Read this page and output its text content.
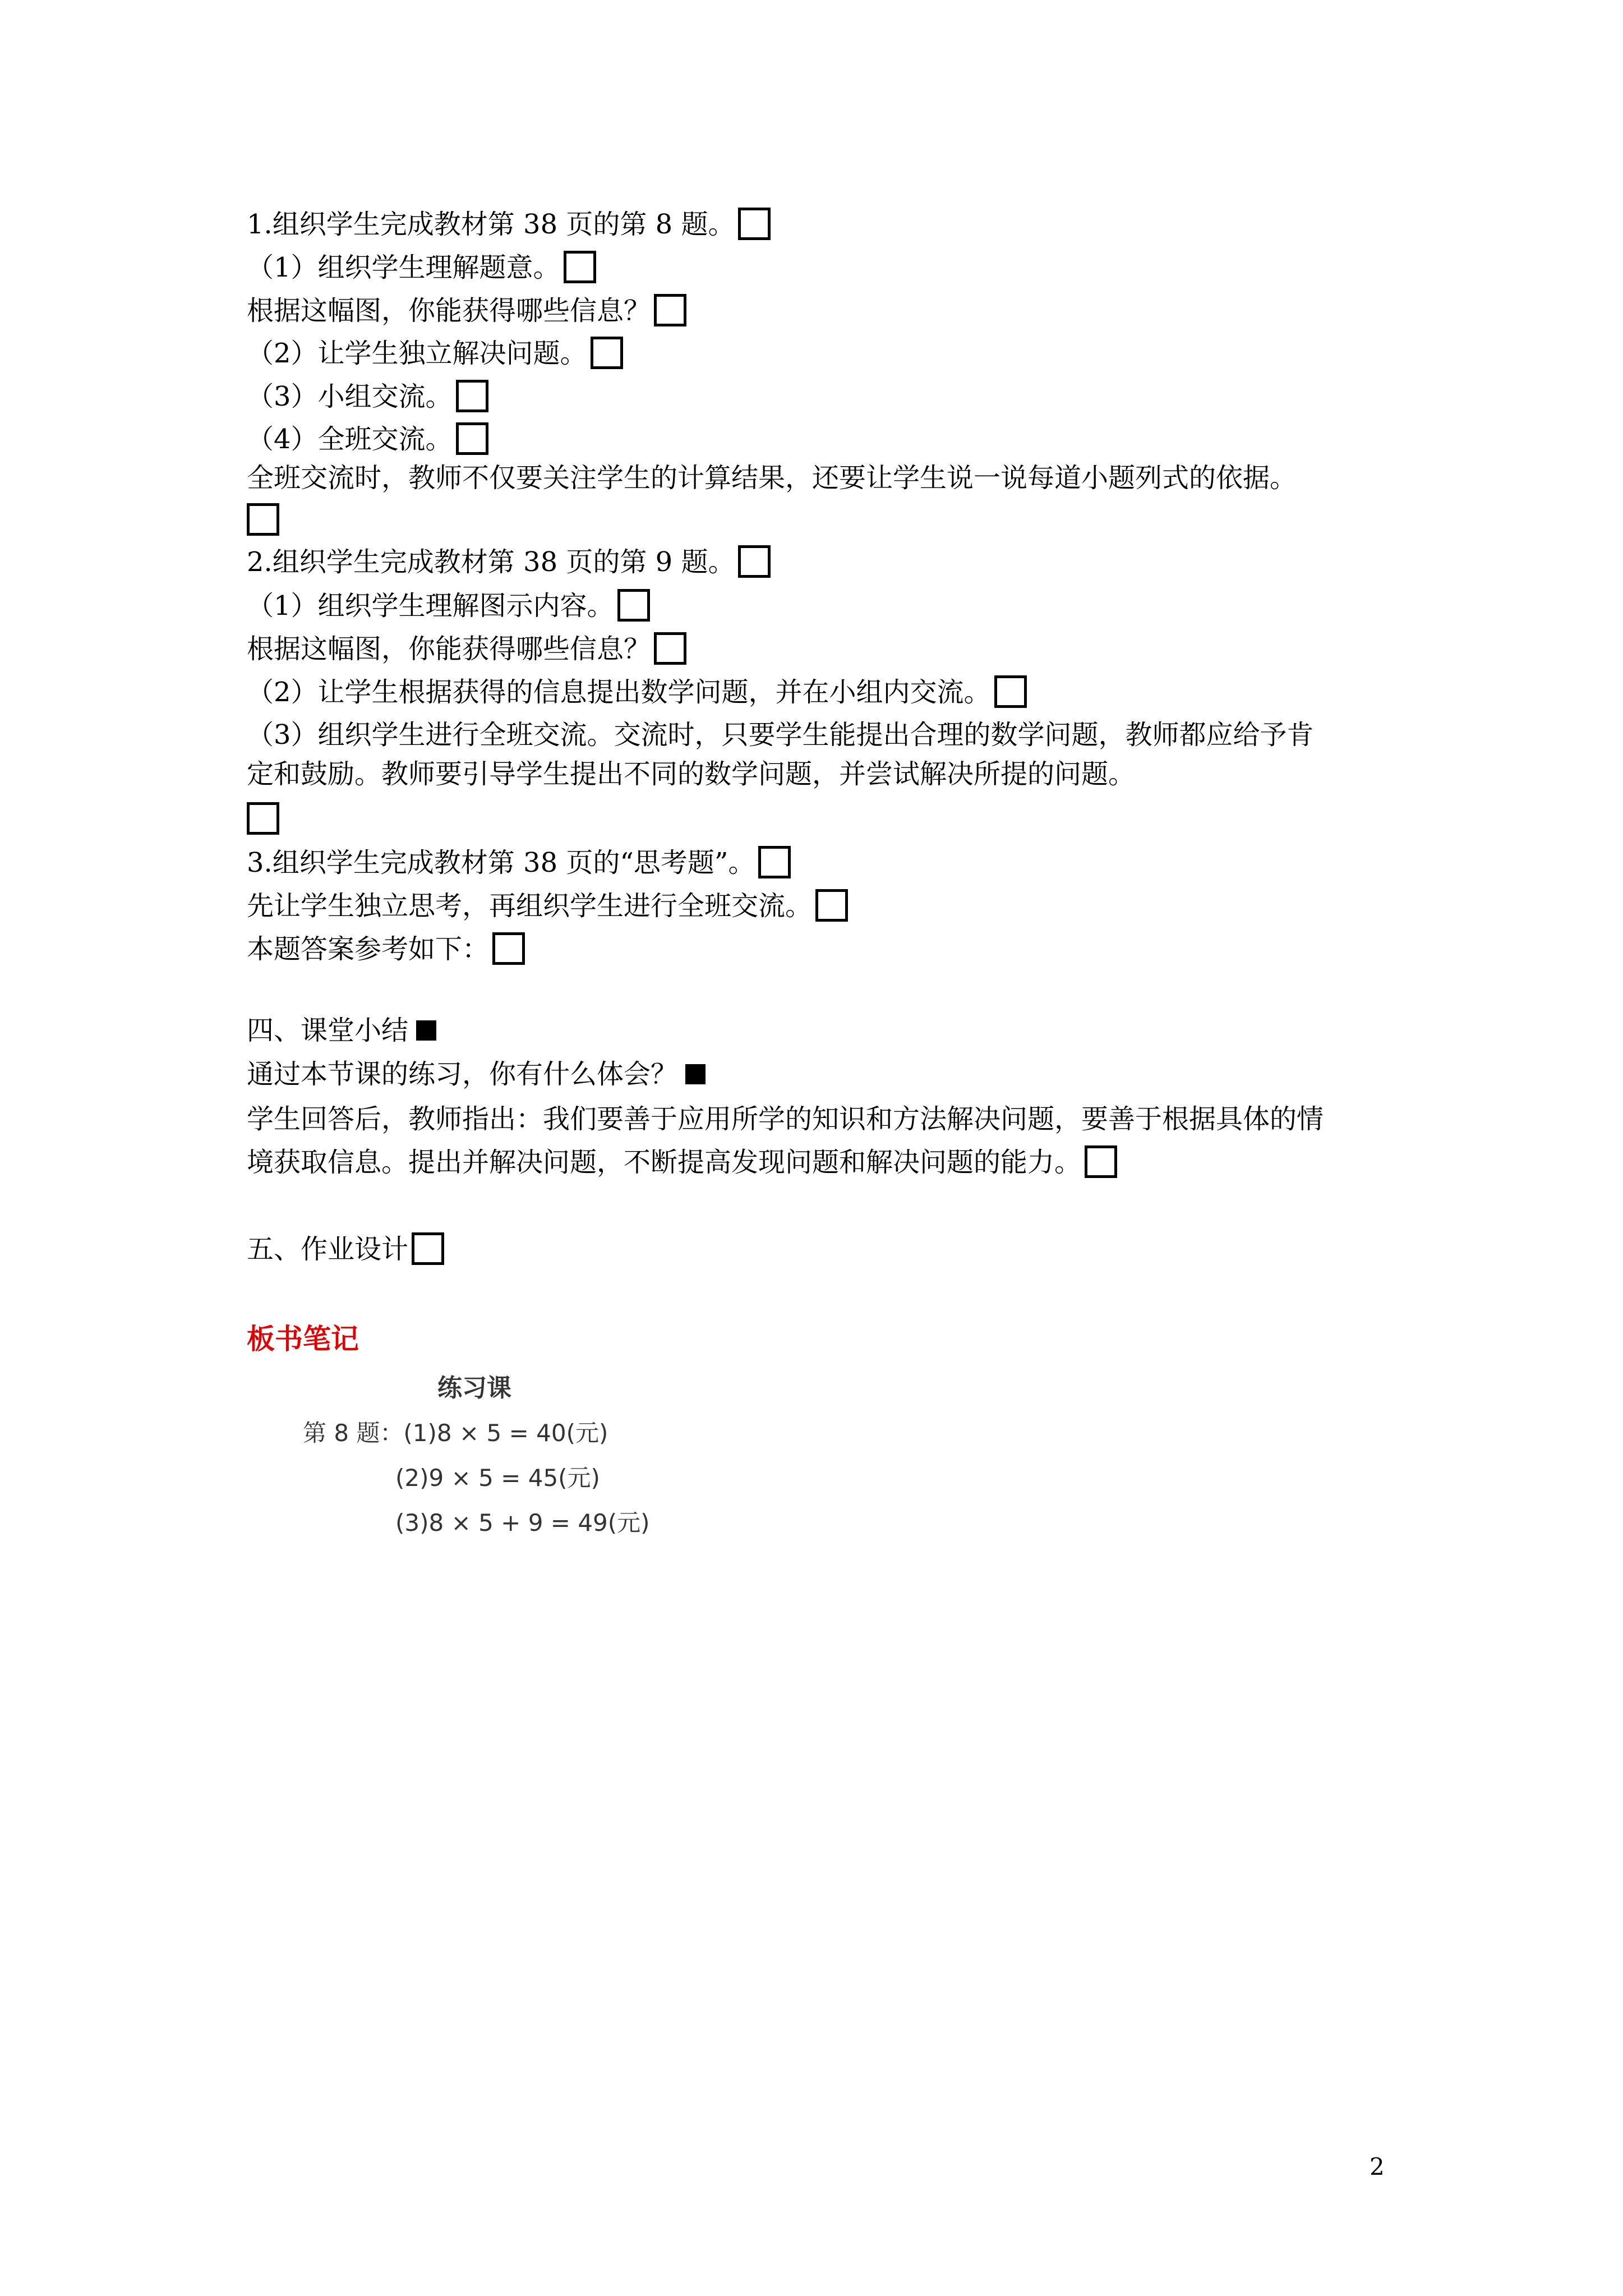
1.组织学生完成教材第 38 页的第 8 题。
（1）组织学生理解题意。
根据这幅图，你能获得哪些信息？
（2）让学生独立解决问题。
（3）小组交流。
（4）全班交流。
全班交流时，教师不仅要关注学生的计算结果，还要让学生说一说每道小题列式的依据。
2.组织学生完成教材第 38 页的第 9 题。
（1）组织学生理解图示内容。
根据这幅图，你能获得哪些信息？
（2）让学生根据获得的信息提出数学问题，并在小组内交流。
（3）组织学生进行全班交流。交流时，只要学生能提出合理的数学问题，教师都应给予肯
定和鼓励。教师要引导学生提出不同的数学问题，并尝试解决所提的问题。
3.组织学生完成教材第 38 页的“思考题”。
先让学生独立思考，再组织学生进行全班交流。
本题答案参考如下：
四、课堂小结
通过本节课的练习，你有什么体会？
学生回答后，教师指出：我们要善于应用所学的知识和方法解决问题，要善于根据具体的情
境获取信息。提出并解决问题，不断提高发现问题和解决问题的能力。
五、作业设计
板书笔记
练习课
第 8 题：(1)8 × 5 = 40(元)
(2)9 × 5 = 45(元)
(3)8 × 5 + 9 = 49(元)
2
